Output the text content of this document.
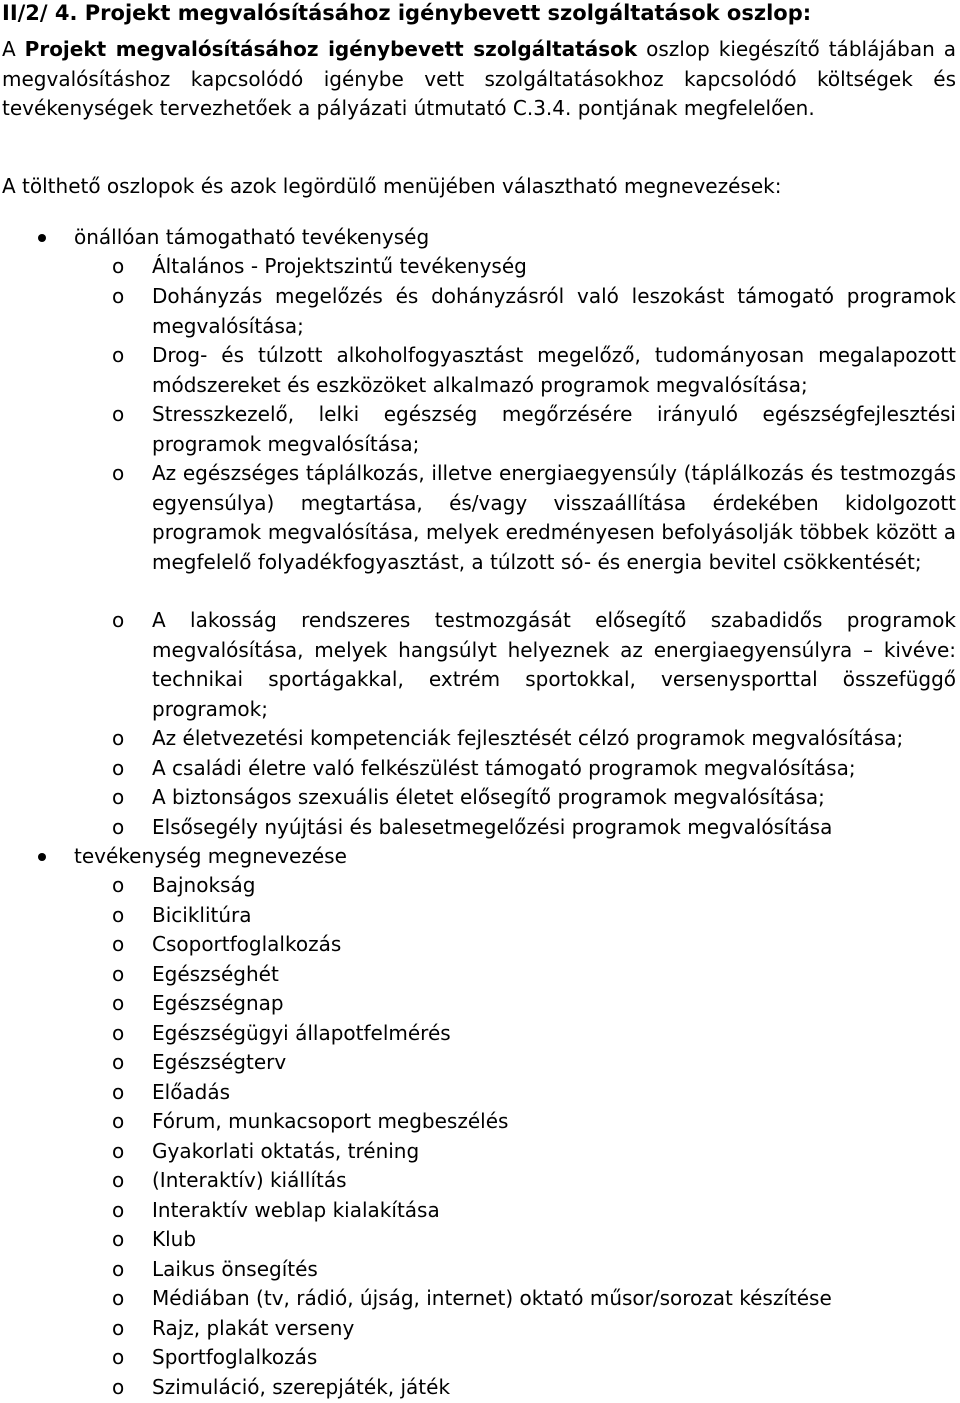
II/2/ 4. Projekt megvalósításához igénybevett szolgáltatások oszlop:
A Projekt megvalósításához igénybevett szolgáltatások oszlop kiegészítő táblájában a megvalósításhoz kapcsolódó igénybe vett szolgáltatásokhoz kapcsolódó költségek és tevékenységek tervezhetőek a pályázati útmutató C.3.4. pontjának megfelelően.
A tölthető oszlopok és azok legördülő menüjében választható megnevezések:
önállóan támogatható tevékenység
o Általános - Projektszintű tevékenység
o Dohányzás megelőzés és dohányzásról való leszokást támogató programok megvalósítása;
o Drog- és túlzott alkoholfogyasztást megelőző, tudományosan megalapozott módszereket és eszközöket alkalmazó programok megvalósítása;
o Stresszkezelő, lelki egészség megőrzésére irányuló egészségfejlesztési programok megvalósítása;
o Az egészséges táplálkozás, illetve energiaegyensúly (táplálkozás és testmozgás egyensúlya) megtartása, és/vagy visszaállítása érdekében kidolgozott programok megvalósítása, melyek eredményesen befolyásolják többek között a megfelelő folyadékfogyasztást, a túlzott só- és energia bevitel csökkentését;
o A lakosság rendszeres testmozgását elősegítő szabadidős programok megvalósítása, melyek hangsúlyt helyeznek az energiaegyensúlyra – kivéve: technikai sportágakkal, extrém sportokkal, versenysporttal összefüggő programok;
o Az életvezetési kompetenciák fejlesztését célzó programok megvalósítása;
o A családi életre való felkészülést támogató programok megvalósítása;
o A biztonságos szexuális életet elősegítő programok megvalósítása;
o Elsősegély nyújtási és balesetmegelőzési programok megvalósítása
tevékenység megnevezése
o Bajnokság
o Biciklitúra
o Csoportfoglalkozás
o Egészséghét
o Egészségnap
o Egészségügyi állapotfelmérés
o Egészségterv
o Előadás
o Fórum, munkacsoport megbeszélés
o Gyakorlati oktatás, tréning
o (Interaktív) kiállítás
o Interaktív weblap kialakítása
o Klub
o Laikus önsegítés
o Médiában (tv, rádió, újság, internet) oktató műsor/sorozat készítése
o Rajz, plakát verseny
o Sportfoglalkozás
o Szimuláció, szerepjáték, játék
